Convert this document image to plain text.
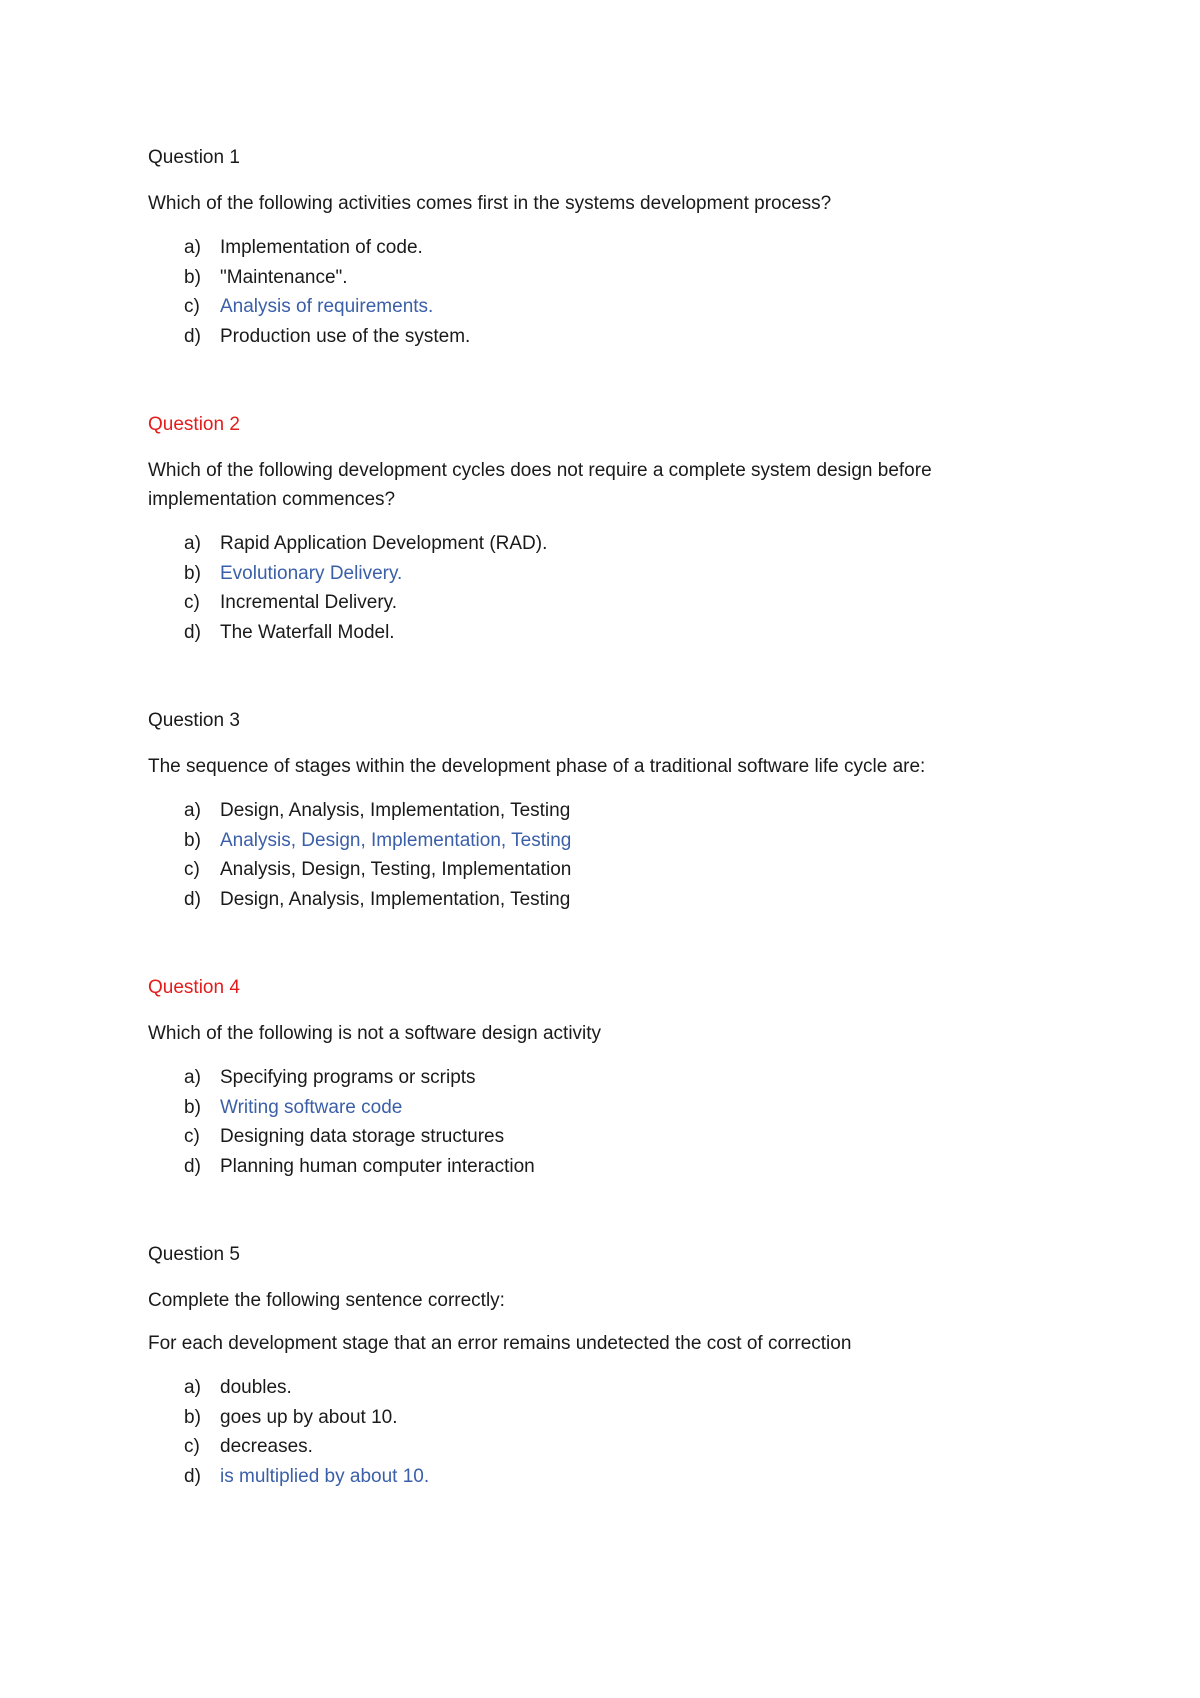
Question 1

Which of the following activities comes first in the systems development process?

a)	Implementation of code.
b)	"Maintenance".
c)	Analysis of requirements.
d)	Production use of the system.
Question 2

Which of the following development cycles does not require a complete system design before implementation commences?

a)	Rapid Application Development (RAD).
b)	Evolutionary Delivery.
c)	Incremental Delivery.
d)	The Waterfall Model.
Question 3

The sequence of stages within the development phase of a traditional software life cycle are:

a)	Design, Analysis, Implementation, Testing
b)	Analysis, Design, Implementation, Testing
c)	Analysis, Design, Testing, Implementation
d)	Design, Analysis, Implementation, Testing
Question 4

Which of the following is not a software design activity

a)	Specifying programs or scripts
b)	Writing software code
c)	Designing data storage structures
d)	Planning human computer interaction
Question 5

Complete the following sentence correctly:

For each development stage that an error remains undetected the cost of correction

a)	doubles.
b)	goes up by about 10.
c)	decreases.
d)	is multiplied by about 10.
